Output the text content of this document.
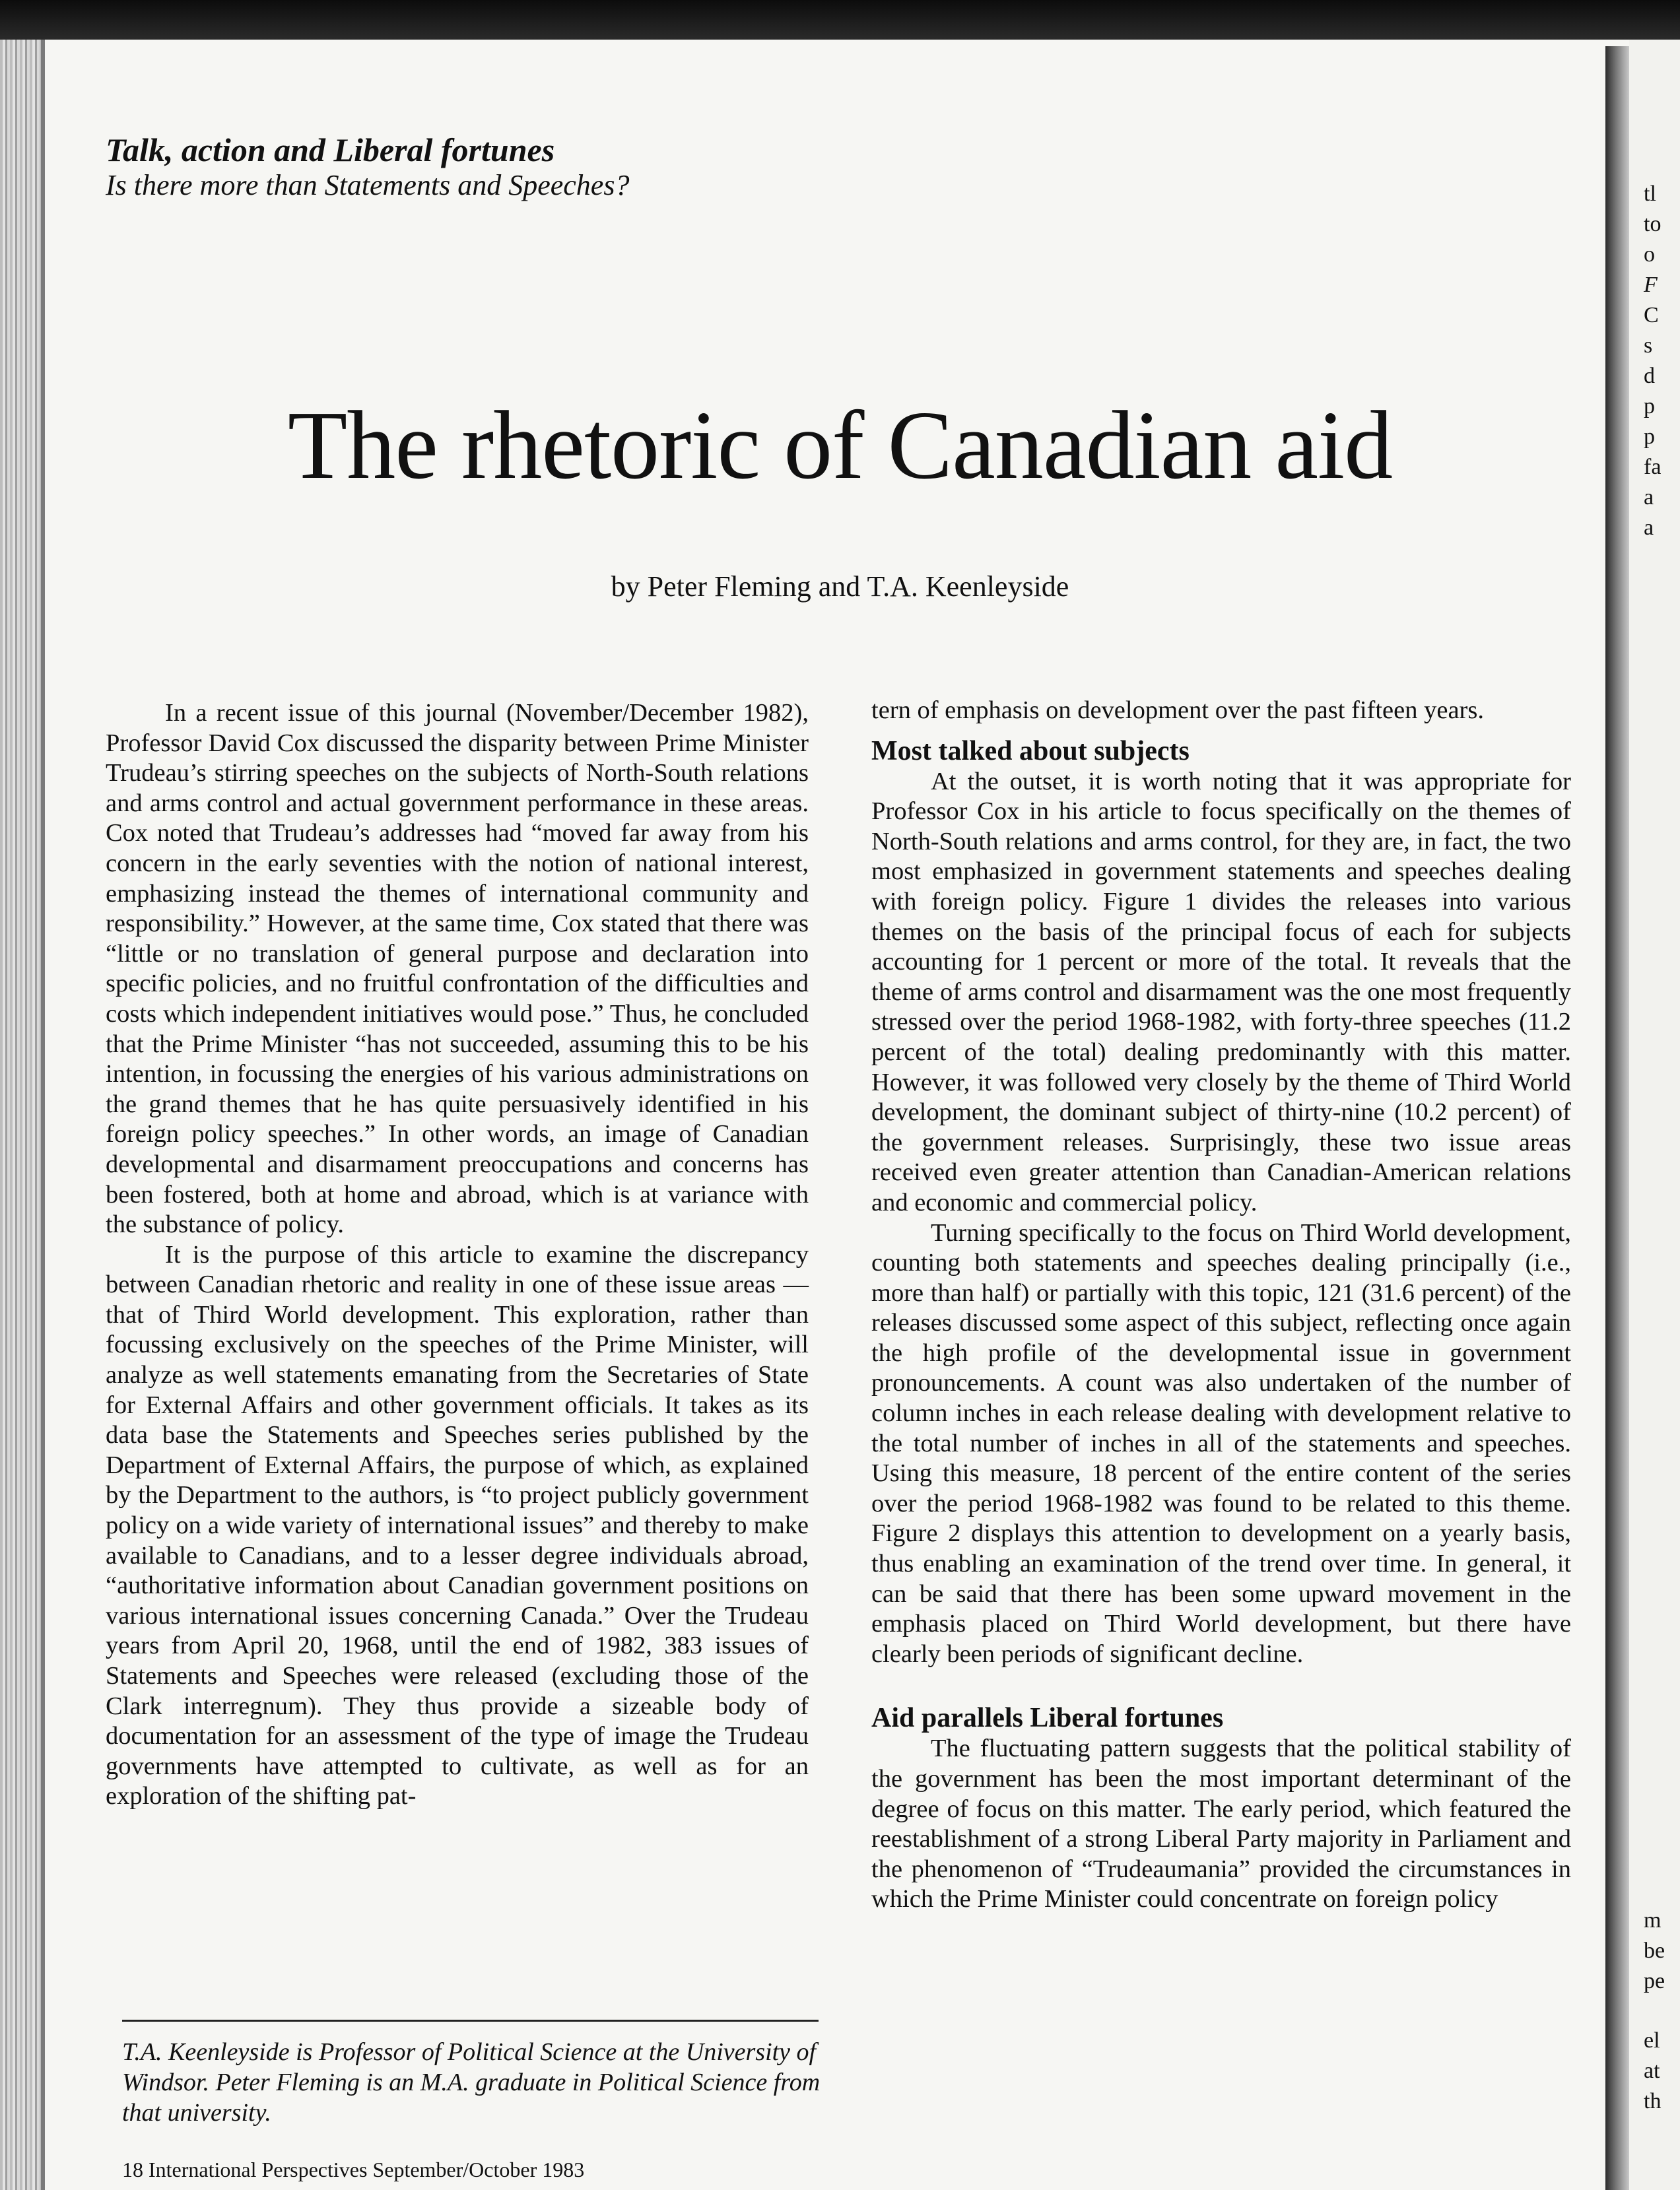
tl
to
o
F
C
s
d
p
p
fa
a
a
m
be
pe
el
at
th
Talk, action and Liberal fortunes
Is there more than Statements and Speeches?
The rhetoric of Canadian aid
by Peter Fleming and T.A. Keenleyside

In a recent issue of this journal (November/December 1982), Professor David Cox discussed the disparity between Prime Minister Trudeau’s stirring speeches on the subjects of North-South relations and arms control and actual government performance in these areas. Cox noted that Trudeau’s addresses had “moved far away from his concern in the early seventies with the notion of national interest, emphasizing instead the themes of international community and responsibility.” However, at the same time, Cox stated that there was “little or no translation of general purpose and declaration into specific policies, and no fruitful confrontation of the difficulties and costs which independent initiatives would pose.” Thus, he concluded that the Prime Minister “has not succeeded, assuming this to be his intention, in focussing the energies of his various administrations on the grand themes that he has quite persuasively identified in his foreign policy speeches.” In other words, an image of Canadian developmental and disarmament preoccupations and concerns has been fostered, both at home and abroad, which is at variance with the substance of policy.

It is the purpose of this article to examine the discrepancy between Canadian rhetoric and reality in one of these issue areas — that of Third World development. This exploration, rather than focussing exclusively on the speeches of the Prime Minister, will analyze as well statements emanating from the Secretaries of State for External Affairs and other government officials. It takes as its data base the Statements and Speeches series published by the Department of External Affairs, the purpose of which, as explained by the Department to the authors, is “to project publicly government policy on a wide variety of international issues” and thereby to make available to Canadians, and to a lesser degree individuals abroad, “authoritative information about Canadian government positions on various international issues concerning Canada.” Over the Trudeau years from April 20, 1968, until the end of 1982, 383 issues of Statements and Speeches were released (excluding those of the Clark interregnum). They thus provide a sizeable body of documentation for an assessment of the type of image the Trudeau governments have attempted to cultivate, as well as for an exploration of the shifting pat-

tern of emphasis on development over the past fifteen years.

Most talked about subjects

At the outset, it is worth noting that it was appropriate for Professor Cox in his article to focus specifically on the themes of North-South relations and arms control, for they are, in fact, the two most emphasized in government statements and speeches dealing with foreign policy. Figure 1 divides the releases into various themes on the basis of the principal focus of each for subjects accounting for 1 percent or more of the total. It reveals that the theme of arms control and disarmament was the one most frequently stressed over the period 1968-1982, with forty-three speeches (11.2 percent of the total) dealing predominantly with this matter. However, it was followed very closely by the theme of Third World development, the dominant subject of thirty-nine (10.2 percent) of the government releases. Surprisingly, these two issue areas received even greater attention than Canadian-American relations and economic and commercial policy.

Turning specifically to the focus on Third World development, counting both statements and speeches dealing principally (i.e., more than half) or partially with this topic, 121 (31.6 percent) of the releases discussed some aspect of this subject, reflecting once again the high profile of the developmental issue in government pronouncements. A count was also undertaken of the number of column inches in each release dealing with development relative to the total number of inches in all of the statements and speeches. Using this measure, 18 percent of the entire content of the series over the period 1968-1982 was found to be related to this theme. Figure 2 displays this attention to development on a yearly basis, thus enabling an examination of the trend over time. In general, it can be said that there has been some upward movement in the emphasis placed on Third World development, but there have clearly been periods of significant decline.

Aid parallels Liberal fortunes

The fluctuating pattern suggests that the political stability of the government has been the most important determinant of the degree of focus on this matter. The early period, which featured the reestablishment of a strong Liberal Party majority in Parliament and the phenomenon of “Trudeaumania” provided the circumstances in which the Prime Minister could concentrate on foreign policy

T.A. Keenleyside is Professor of Political Science at the University of Windsor. Peter Fleming is an M.A. graduate in Political Science from that university.
18 International Perspectives September/October 1983
